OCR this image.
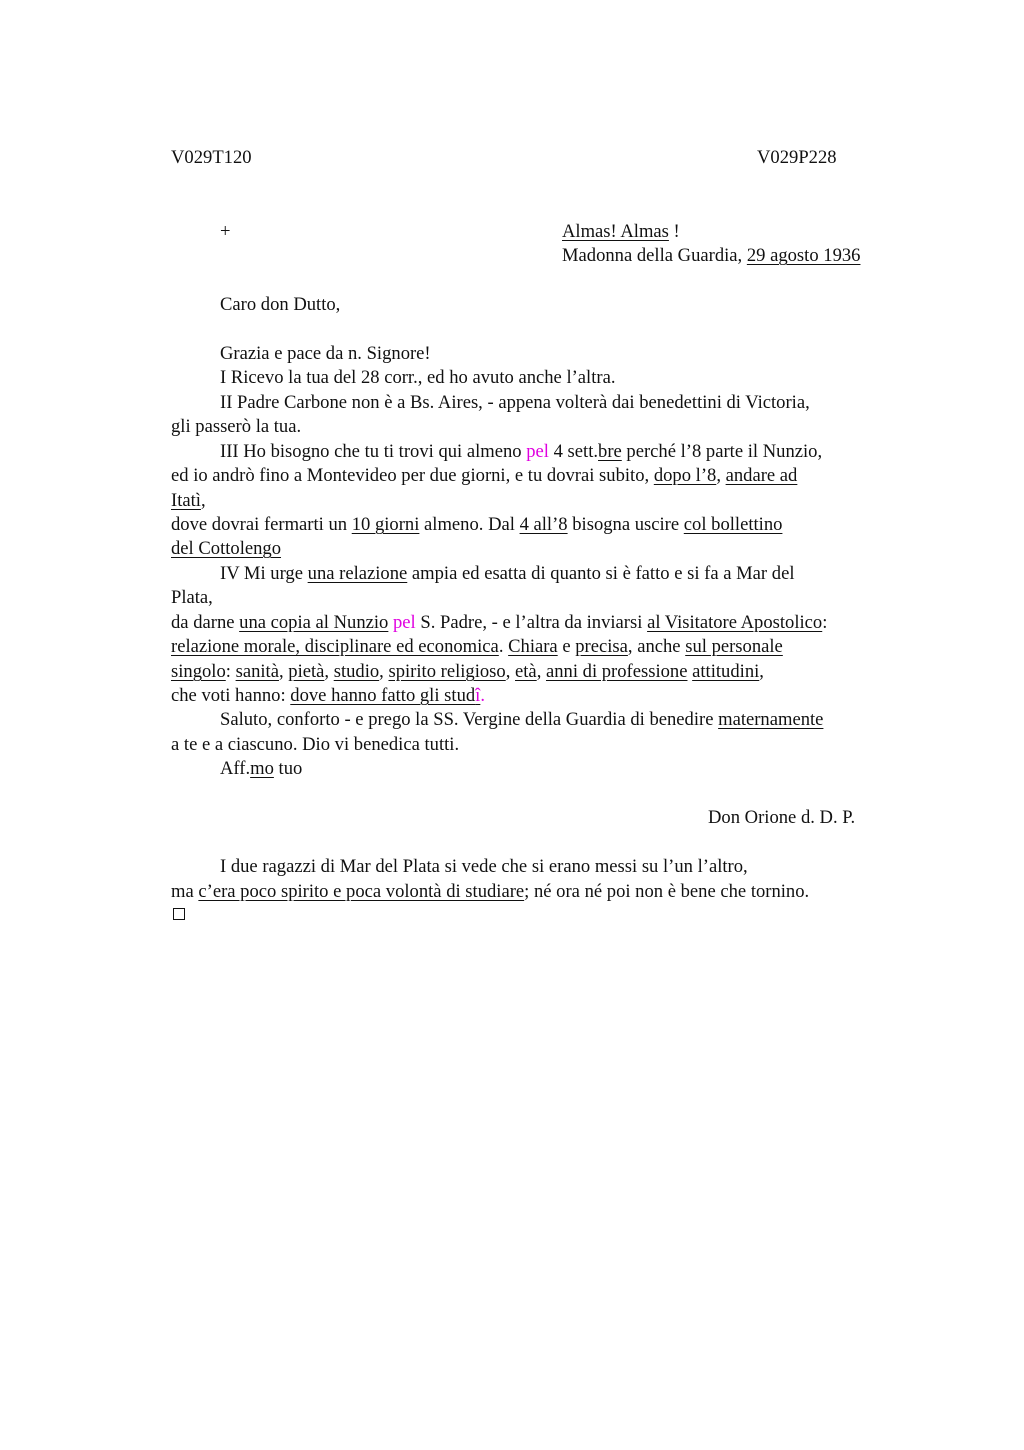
V029T120	V029P228
+	Almas! Almas !
Madonna della Guardia, 29 agosto 1936
Caro don Dutto,
Grazia e pace da n. Signore!
I Ricevo la tua del 28 corr., ed ho avuto anche l’altra.
II Padre Carbone non è a Bs. Aires, - appena volterà dai benedettini di Victoria,
gli passerò la tua.
III Ho bisogno che tu ti trovi qui almeno pel 4 sett.bre perché l’8 parte il Nunzio,
ed io andrò fino a Montevideo per due giorni, e tu dovrai subito, dopo l’8, andare ad
Itatì,
dove dovrai fermarti un 10 giorni almeno. Dal 4 all’8 bisogna uscire col bollettino
del Cottolengo
IV Mi urge una relazione ampia ed esatta di quanto si è fatto e si fa a Mar del
Plata,
da darne una copia al Nunzio pel S. Padre, - e l’altra da inviarsi al Visitatore Apostolico:
relazione morale, disciplinare ed economica. Chiara e precisa, anche sul personale
singolo: sanità, pietà, studio, spirito religioso, età, anni di professione attitudini,
che voti hanno: dove hanno fatto gli studî.
Saluto, conforto - e prego la SS. Vergine della Guardia di benedire maternamente
a te e a ciascuno. Dio vi benedica tutti.
Aff.mo tuo
Don Orione d. D. P.
I due ragazzi di Mar del Plata si vede che si erano messi su l’un l’altro,
ma c’era poco spirito e poca volontà di studiare; né ora né poi non è bene che tornino.
